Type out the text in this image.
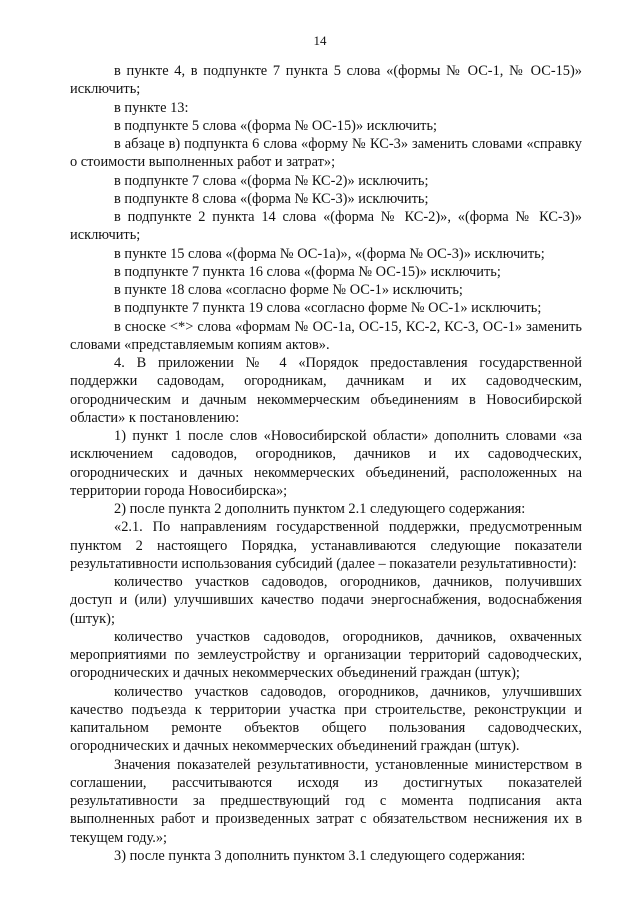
14

в пункте 4, в подпункте 7 пункта 5 слова «(формы № ОС-1, № ОС-15)» исключить;

в пункте 13:

в подпункте 5 слова «(форма № ОС-15)» исключить;

в абзаце в) подпункта 6 слова «форму № КС-3» заменить словами «справку о стоимости выполненных работ и затрат»;

в подпункте 7 слова «(форма № КС-2)» исключить;

в подпункте 8 слова «(форма № КС-3)» исключить;

в подпункте 2 пункта 14 слова «(форма № КС-2)», «(форма № КС-3)» исключить;

в пункте 15 слова «(форма № ОС-1а)», «(форма № ОС-3)» исключить;

в подпункте 7 пункта 16 слова «(форма № ОС-15)» исключить;

в пункте 18 слова «согласно форме № ОС-1» исключить;

в подпункте 7 пункта 19 слова «согласно форме № ОС-1» исключить;

в сноске <*> слова «формам № ОС-1а, ОС-15, КС-2, КС-3, ОС-1» заменить словами «представляемым копиям актов».

4. В приложении № 4 «Порядок предоставления государственной поддержки садоводам, огородникам, дачникам и их садоводческим, огородническим и дачным некоммерческим объединениям в Новосибирской области» к постановлению:

1) пункт 1 после слов «Новосибирской области» дополнить словами «за исключением садоводов, огородников, дачников и их садоводческих, огороднических и дачных некоммерческих объединений, расположенных на территории города Новосибирска»;

2) после пункта 2 дополнить пунктом 2.1 следующего содержания:

«2.1. По направлениям государственной поддержки, предусмотренным пунктом 2 настоящего Порядка, устанавливаются следующие показатели результативности использования субсидий (далее – показатели результативности):

количество участков садоводов, огородников, дачников, получивших доступ и (или) улучшивших качество подачи энергоснабжения, водоснабжения (штук);

количество участков садоводов, огородников, дачников, охваченных мероприятиями по землеустройству и организации территорий садоводческих, огороднических и дачных некоммерческих объединений граждан (штук);

количество участков садоводов, огородников, дачников, улучшивших качество подъезда к территории участка при строительстве, реконструкции и капитальном ремонте объектов общего пользования садоводческих, огороднических и дачных некоммерческих объединений граждан (штук).

Значения показателей результативности, установленные министерством в соглашении, рассчитываются исходя из достигнутых показателей результативности за предшествующий год с момента подписания акта выполненных работ и произведенных затрат с обязательством неснижения их в текущем году.»;

3) после пункта 3 дополнить пунктом 3.1 следующего содержания:
